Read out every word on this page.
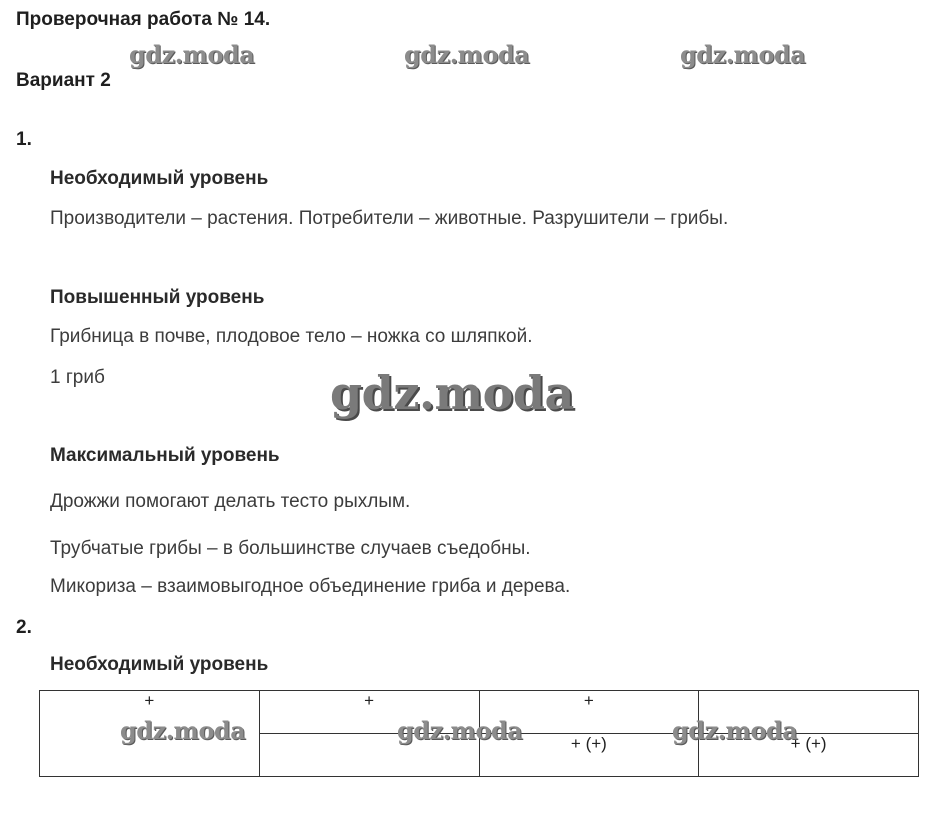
Проверочная работа № 14.
gdz.moda	gdz.moda	gdz.moda
Вариант 2
1.
Необходимый уровень
Производители – растения. Потребители – животные. Разрушители – грибы.
Повышенный уровень
Грибница в почве, плодовое тело – ножка со шляпкой.
1 гриб	gdz.moda
Максимальный уровень
Дрожжи помогают делать тесто рыхлым.
Трубчатые грибы – в большинстве случаев съедобны.
Микориза – взаимовыгодное объединение гриба и дерева.
2.
Необходимый уровень
+	+	+	
		+ (+)	+ (+)
gdz.moda	gdz.moda	gdz.moda
